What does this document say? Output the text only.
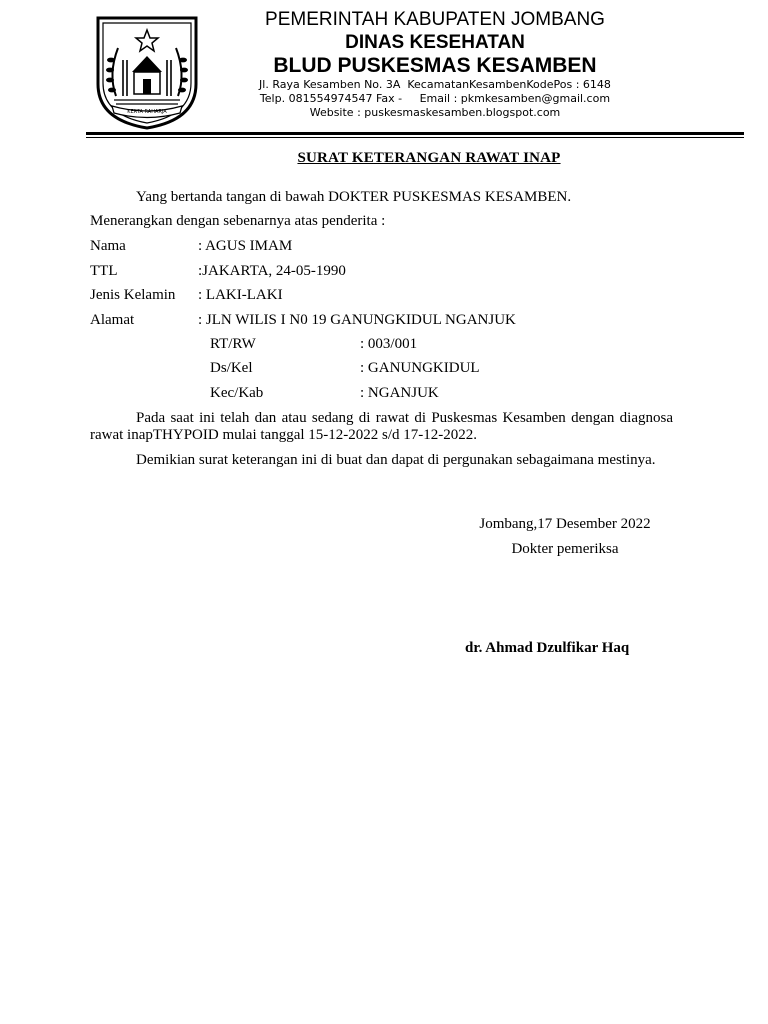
KERTA RAHARJA
PEMERINTAH KABUPATEN JOMBANG
DINAS KESEHATAN
BLUD PUSKESMAS KESAMBEN
Jl. Raya Kesamben No. 3A  KecamatanKesambenKodePos : 6148
Telp. 081554974547 Fax -     Email : pkmkesamben@gmail.com
Website : puskesmaskesamben.blogspot.com
SURAT KETERANGAN RAWAT INAP
Yang bertanda tangan di bawah DOKTER PUSKESMAS KESAMBEN.
Menerangkan dengan sebenarnya atas penderita :
Nama	: AGUS IMAM
TTL	:JAKARTA, 24-05-1990
Jenis Kelamin : LAKI-LAKI
Alamat	: JLN WILIS I N0 19 GANUNGKIDUL NGANJUK
RT/RW	: 003/001
Ds/Kel	: GANUNGKIDUL
Kec/Kab	: NGANJUK
Pada saat ini telah dan atau sedang di rawat di Puskesmas Kesamben dengan diagnosa rawat inapTHYPOID mulai tanggal 15-12-2022 s/d 17-12-2022.
Demikian surat keterangan ini di buat dan dapat di pergunakan sebagaimana mestinya.
Jombang,17 Desember 2022
Dokter pemeriksa
dr. Ahmad Dzulfikar Haq
